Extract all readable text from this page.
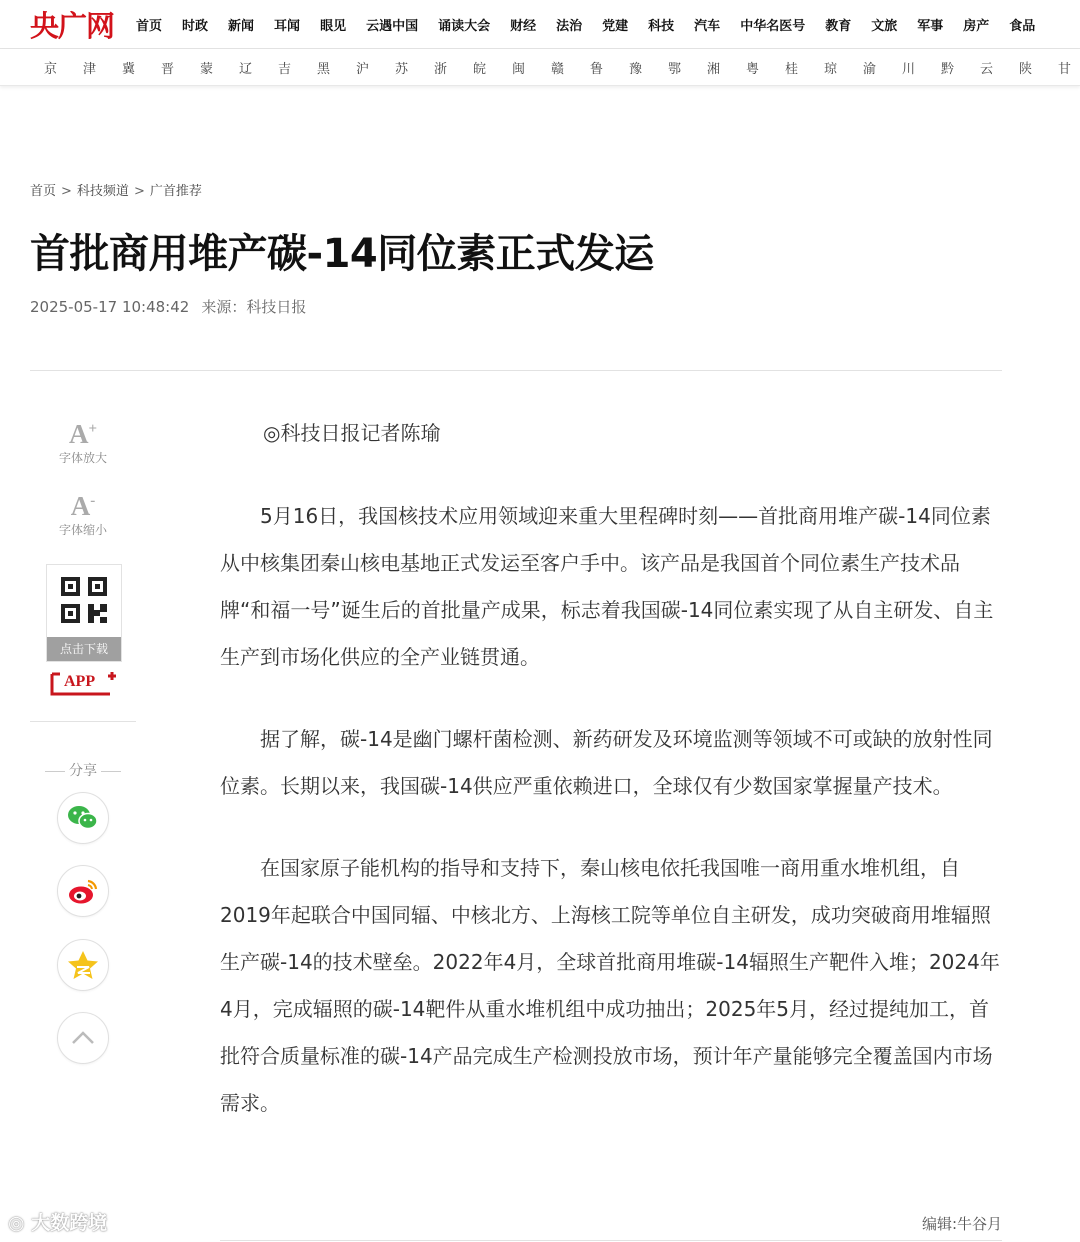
央广网 首页 时政 新闻 耳闻 眼见 云遇中国 诵读大会 财经 法治 党建 科技 汽车 中华名医号 教育 文旅 军事 房产 食品
京	津	冀	晋	蒙	辽	吉	黑	沪	苏	浙	皖	闽	赣	鲁	豫	鄂	湘	粤	桂	琼	渝	川	黔	云	陕	甘
首页 > 科技频道 > 广首推荐
首批商用堆产碳-14同位素正式发运
2025-05-17 10:48:42 来源：科技日报
A+
字体放大
A-
字体缩小
点击下载
APP
分享

◎科技日报记者陈瑜

5月16日，我国核技术应用领域迎来重大里程碑时刻——首批商用堆产碳-14同位素从中核集团秦山核电基地正式发运至客户手中。该产品是我国首个同位素生产技术品牌“和福一号”诞生后的首批量产成果，标志着我国碳-14同位素实现了从自主研发、自主生产到市场化供应的全产业链贯通。

据了解，碳-14是幽门螺杆菌检测、新药研发及环境监测等领域不可或缺的放射性同位素。长期以来，我国碳-14供应严重依赖进口，全球仅有少数国家掌握量产技术。

在国家原子能机构的指导和支持下，秦山核电依托我国唯一商用重水堆机组，自2019年起联合中国同辐、中核北方、上海核工院等单位自主研发，成功突破商用堆辐照生产碳-14的技术壁垒。2022年4月，全球首批商用堆碳-14辐照生产靶件入堆；2024年4月，完成辐照的碳-14靶件从重水堆机组中成功抽出；2025年5月，经过提纯加工，首批符合质量标准的碳-14产品完成生产检测投放市场，预计年产量能够完全覆盖国内市场需求。

编辑:牛谷月
◎ 大数跨境
